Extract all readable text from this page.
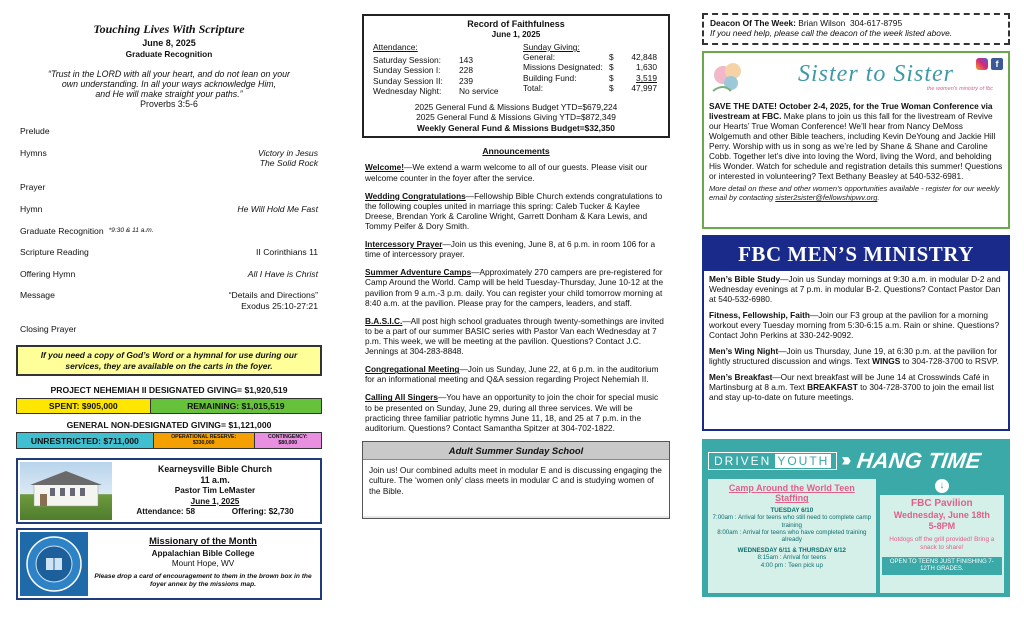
Touching Lives With Scripture
June 8, 2025
Graduate Recognition
“Trust in the LORD with all your heart, and do not lean on your
own understanding. In all your ways acknowledge Him,
and He will make straight your paths.”
Proverbs 3:5-6
Prelude
Hymns	Victory in Jesus
The Solid Rock
Prayer
Hymn	He Will Hold Me Fast
Graduate Recognition *9:30 & 11 a.m.
Scripture Reading	II Corinthians 11
Offering Hymn	All I Have is Christ
Message	“Details and Directions”
Exodus 25:10-27:21
Closing Prayer
If you need a copy of God’s Word or a hymnal for use during our services, they are available on the carts in the foyer.
PROJECT NEHEMIAH II DESIGNATED GIVING= $1,920,519
SPENT: $905,000	REMAINING: $1,015,519
GENERAL NON-DESIGNATED GIVING= $1,121,000
UNRESTRICTED: $711,000	OPERATIONAL RESERVE:
$330,000
CONTINGENCY:
$80,000
Kearneysville Bible Church
11 a.m.
Pastor Tim LeMaster
June 1, 2025
Attendance: 58	Offering: $2,730
Missionary of the Month
Appalachian Bible College
Mount Hope, WV
Please drop a card of encouragement to them in the brown box in the foyer annex by the missions map.
Record of Faithfulness
June 1, 2025
Attendance:
Saturday Session:	143
Sunday Session I:	228
Sunday Session II:	239
Wednesday Night:	No service
Sunday Giving:
General:	$	42,848
Missions Designated: $	1,630
Building Fund:	$	3,519
Total:	$	47,997
2025 General Fund & Missions Budget YTD=$679,224
2025 General Fund & Missions Giving YTD=$872,349
Weekly General Fund & Missions Budget=$32,350
Announcements

Welcome!—We extend a warm welcome to all of our guests. Please visit our welcome counter in the foyer after the service.

Wedding Congratulations—Fellowship Bible Church extends congratulations to the following couples united in marriage this spring: Caleb Tucker & Kaylee Dreese, Brendan York & Caroline Wright, Garrett Donham & Kara Lewis, and Tommy Peifer & Dory Smith.

Intercessory Prayer—Join us this evening, June 8, at 6 p.m. in room 106 for a time of intercessory prayer.

Summer Adventure Camps—Approximately 270 campers are pre-registered for Camp Around the World. Camp will be held Tuesday-Thursday, June 10-12 at the pavilion from 9 a.m.-3 p.m. daily. You can register your child tomorrow morning at 8:40 a.m. at the pavilion. Please pray for the campers, leaders, and staff.

B.A.S.I.C.—All post high school graduates through twenty-somethings are invited to be a part of our summer BASIC series with Pastor Van each Wednesday at 7 p.m. This week, we will be meeting at the pavilion. Questions? Contact J.C. Jennings at 304-283-8848.

Congregational Meeting—Join us Sunday, June 22, at 6 p.m. in the auditorium for an informational meeting and Q&A session regarding Project Nehemiah II.

Calling All Singers—You have an opportunity to join the choir for special music to be presented on Sunday, June 29, during all three services. We will be practicing three familiar patriotic hymns June 11, 18, and 25 at 7 p.m. in the auditorium. Questions? Contact Samantha Spitzer at 304-702-1822.

Adult Summer Sunday School
Join us! Our combined adults meet in modular E and is discussing engaging the culture. The ‘women only’ class meets in modular C and is studying women of the Bible.
Deacon Of The Week: Brian Wilson 304-617-8795
If you need help, please call the deacon of the week listed above.
Sister to Sister
the women's ministry of fbc
f
SAVE THE DATE! October 2-4, 2025, for the True Woman Conference via livestream at FBC. Make plans to join us this fall for the livestream of Revive our Hearts’ True Woman Conference! We’ll hear from Nancy DeMoss Wolgemuth and other Bible teachers, including Kevin DeYoung and Jackie Hill Perry. Worship with us in song as we’re led by Shane & Shane and Caroline Cobb. Together let’s dive into loving the Word, living the Word, and beholding His Wonder. Watch for schedule and registration details this summer! Questions or interested in volunteering? Text Bethany Beasley at 540-532-6981.
More detail on these and other women’s opportunities available - register for our weekly email by contacting sister2sister@fellowshipwv.org.
FBC MEN’S MINISTRY

Men’s Bible Study—Join us Sunday mornings at 9:30 a.m. in modular D-2 and Wednesday evenings at 7 p.m. in modular B-2. Questions? Contact Pastor Dan at 540-532-6980.

Fitness, Fellowship, Faith—Join our F3 group at the pavilion for a morning workout every Tuesday morning from 5:30-6:15 a.m. Rain or shine. Questions? Contact John Perkins at 330-242-9092.

Men’s Wing Night—Join us Thursday, June 19, at 6:30 p.m. at the pavilion for lightly structured discussion and wings. Text WINGS to 304-728-3700 to RSVP.

Men’s Breakfast—Our next breakfast will be June 14 at Crosswinds Café in Martinsburg at 8 a.m. Text BREAKFAST to 304-728-3700 to join the email list and stay up-to-date on future meetings.

DRIVEN YOUTH ››› HANG TIME
Camp Around the World Teen Staffing
TUESDAY 6/10
7:00am : Arrival for teens who still need to complete camp training
8:00am : Arrival for teens who have completed training already
WEDNESDAY 6/11 & THURSDAY 6/12
8:15am : Arrival for teens
4:00 pm : Teen pick up
↓
FBC Pavilion
Wednesday, June 18th
5-8PM
Hotdogs off the grill provided! Bring a snack to share!
OPEN TO TEENS JUST FINISHING 7-12TH GRADES.
